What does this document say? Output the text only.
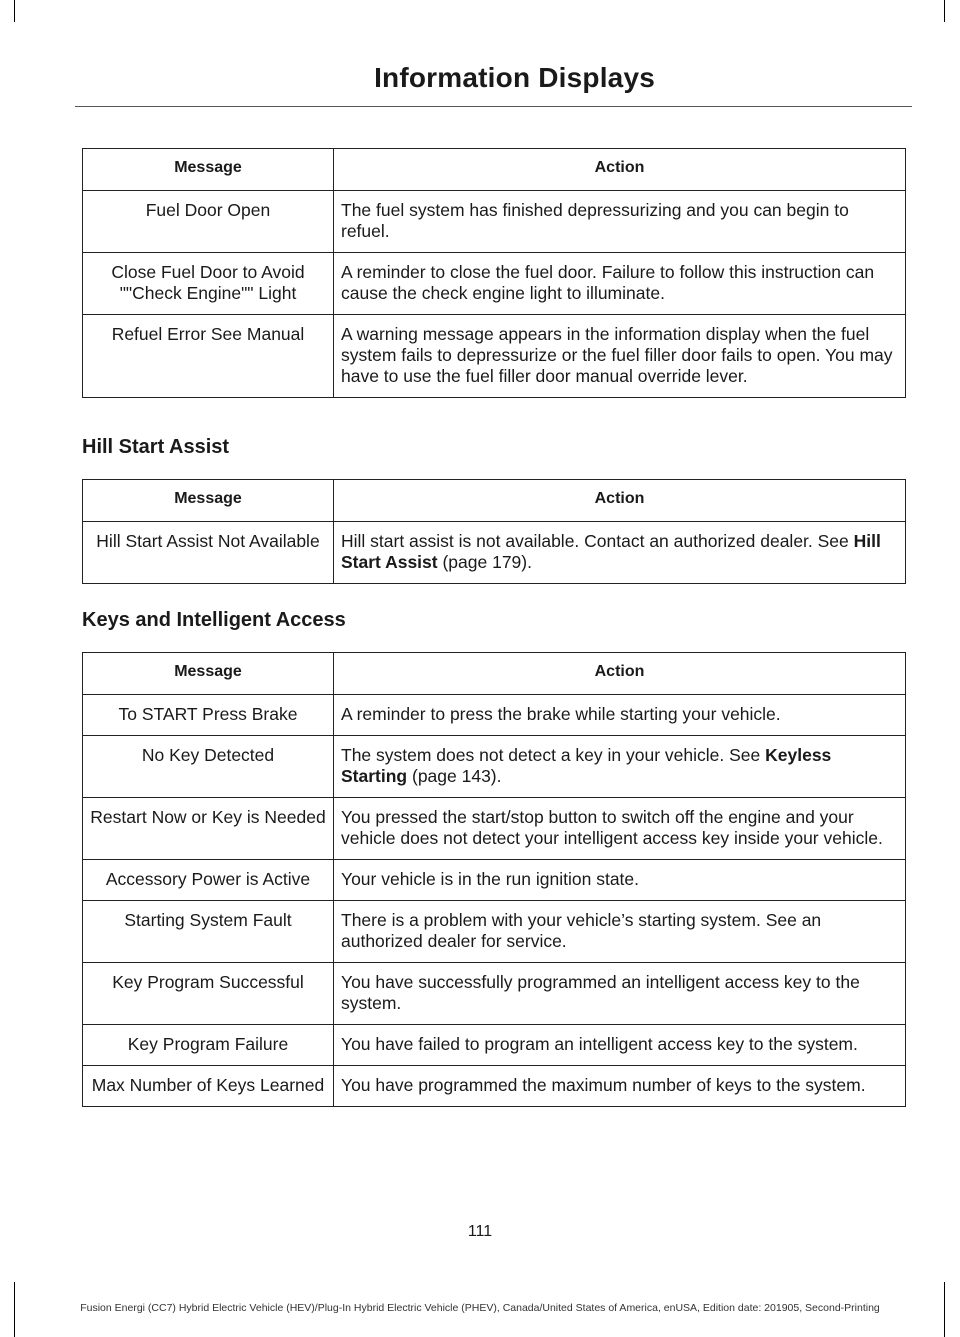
Information Displays
Message	Action
Fuel Door Open	The fuel system has finished depressurizing and you can begin to refuel.
Close Fuel Door to Avoid ""Check Engine"" Light	A reminder to close the fuel door. Failure to follow this instruction can cause the check engine light to illuminate.
Refuel Error See Manual	A warning message appears in the information display when the fuel system fails to depressurize or the fuel filler door fails to open. You may have to use the fuel filler door manual override lever.
Hill Start Assist
Message	Action
Hill Start Assist Not Available	Hill start assist is not available. Contact an authorized dealer. See Hill Start Assist (page 179).
Keys and Intelligent Access
Message	Action
To START Press Brake	A reminder to press the brake while starting your vehicle.
No Key Detected	The system does not detect a key in your vehicle. See Keyless Starting (page 143).
Restart Now or Key is Needed	You pressed the start/stop button to switch off the engine and your vehicle does not detect your intelligent access key inside your vehicle.
Accessory Power is Active	Your vehicle is in the run ignition state.
Starting System Fault	There is a problem with your vehicle’s starting system. See an authorized dealer for service.
Key Program Successful	You have successfully programmed an intelligent access key to the system.
Key Program Failure	You have failed to program an intelligent access key to the system.
Max Number of Keys Learned	You have programmed the maximum number of keys to the system.
111
Fusion Energi (CC7) Hybrid Electric Vehicle (HEV)/Plug-In Hybrid Electric Vehicle (PHEV), Canada/United States of America, enUSA, Edition date: 201905, Second-Printing
